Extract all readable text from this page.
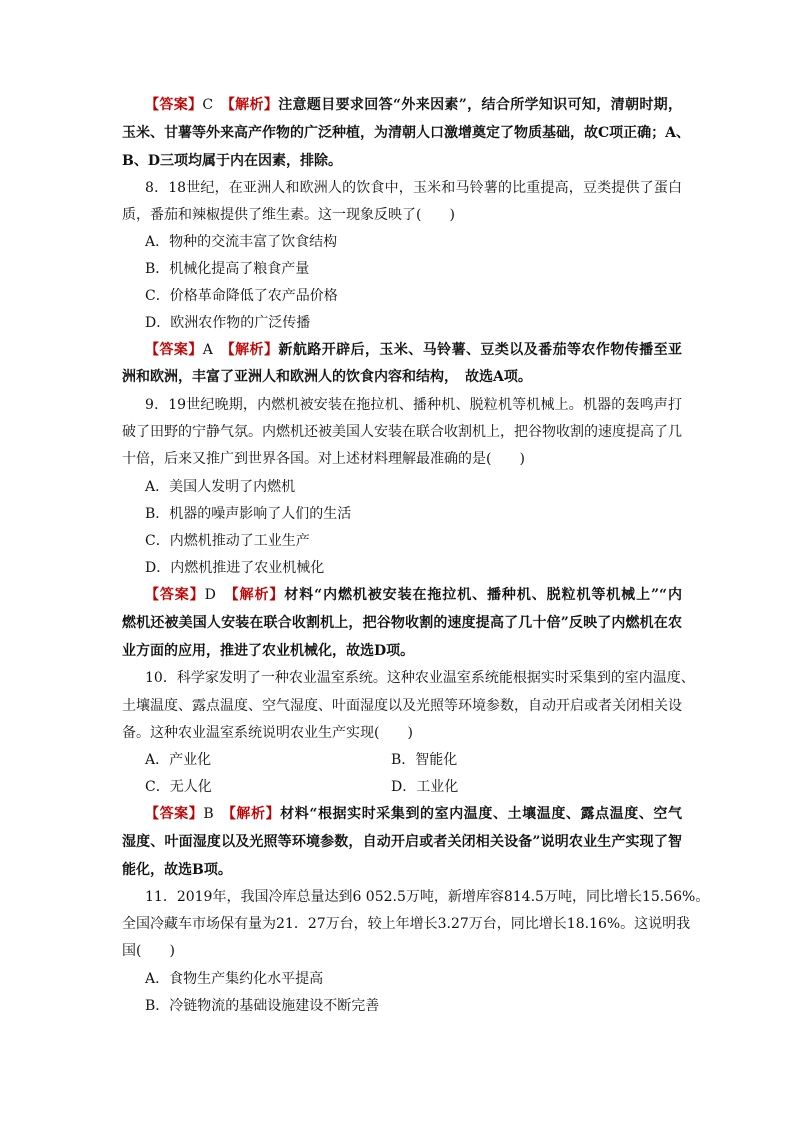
【答案】C　 【解析】注意题目要求回答“外来因素”，结合所学知识可知，清朝时期，
玉米、甘薯等外来高产作物的广泛种植，为清朝人口激增奠定了物质基础，故C项正确；A、
B、D三项均属于内在因素，排除。
8．18世纪，在亚洲人和欧洲人的饮食中，玉米和马铃薯的比重提高，豆类提供了蛋白
质，番茄和辣椒提供了维生素。这一现象反映了(　　)
A．物种的交流丰富了饮食结构
B．机械化提高了粮食产量
C．价格革命降低了农产品价格
D．欧洲农作物的广泛传播
【答案】A　 【解析】新航路开辟后，玉米、马铃薯、豆类以及番茄等农作物传播至亚
洲和欧洲，丰富了亚洲人和欧洲人的饮食内容和结构，　故选A项。
9．19世纪晚期，内燃机被安装在拖拉机、播种机、脱粒机等机械上。机器的轰鸣声打
破了田野的宁静气氛。内燃机还被美国人安装在联合收割机上，把谷物收割的速度提高了几
十倍，后来又推广到世界各国。对上述材料理解最准确的是(　　)
A．美国人发明了内燃机
B．机器的噪声影响了人们的生活
C．内燃机推动了工业生产
D．内燃机推进了农业机械化
【答案】D　 【解析】材料“内燃机被安装在拖拉机、播种机、脱粒机等机械上”“内
燃机还被美国人安装在联合收割机上，把谷物收割的速度提高了几十倍”反映了内燃机在农
业方面的应用，推进了农业机械化，故选D项。
10．科学家发明了一种农业温室系统。这种农业温室系统能根据实时采集到的室内温度、
土壤温度、露点温度、空气湿度、叶面湿度以及光照等环境参数，自动开启或者关闭相关设
备。这种农业温室系统说明农业生产实现(　　)
A．产业化	B．智能化
C．无人化	D．工业化
【答案】B　 【解析】材料“根据实时采集到的室内温度、土壤温度、露点温度、空气
湿度、叶面湿度以及光照等环境参数，自动开启或者关闭相关设备”说明农业生产实现了智
能化，故选B项。
11．2019年，我国冷库总量达到6 052.5万吨，新增库容814.5万吨，同比增长15.56%。
全国冷藏车市场保有量为21．27万台，较上年增长3.27万台，同比增长18.16%。这说明我
国(　　)
A．食物生产集约化水平提高
B．冷链物流的基础设施建设不断完善
